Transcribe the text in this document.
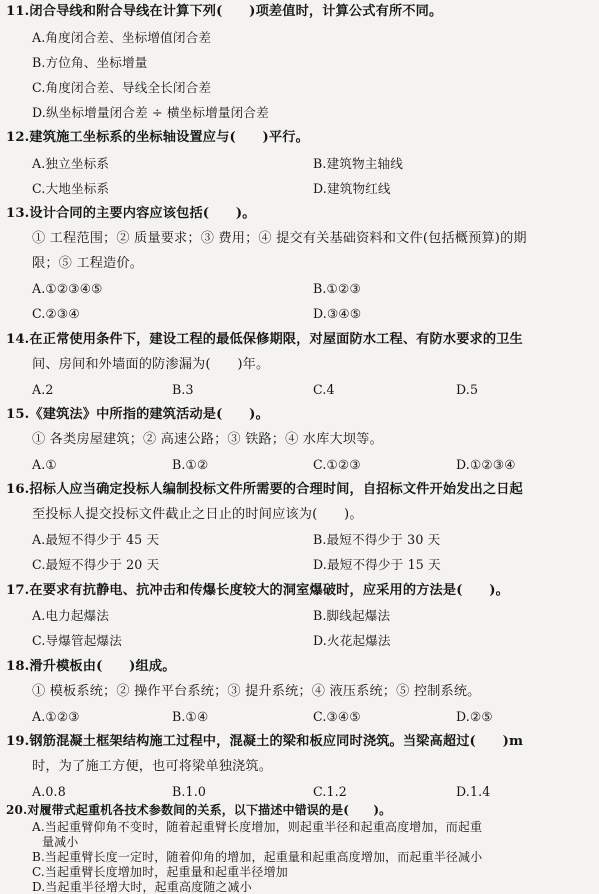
11.闭合导线和附合导线在计算下列(　　)项差值时，计算公式有所不同。
A.角度闭合差、坐标增值闭合差
B.方位角、坐标增量
C.角度闭合差、导线全长闭合差
D.纵坐标增量闭合差 ÷ 横坐标增量闭合差
12.建筑施工坐标系的坐标轴设置应与(　　)平行。
A.独立坐标系	B.建筑物主轴线
C.大地坐标系	D.建筑物红线
13.设计合同的主要内容应该包括(　　)。
① 工程范围；② 质量要求；③ 费用；④ 提交有关基础资料和文件(包括概预算)的期
限；⑤ 工程造价。
A.①②③④⑤	B.①②③
C.②③④	D.③④⑤
14.在正常使用条件下，建设工程的最低保修期限，对屋面防水工程、有防水要求的卫生
间、房间和外墙面的防渗漏为(　　)年。
A.2	B.3	C.4	D.5
15.《建筑法》中所指的建筑活动是(　　)。
① 各类房屋建筑；② 高速公路；③ 铁路；④ 水库大坝等。
A.①	B.①②	C.①②③	D.①②③④
16.招标人应当确定投标人编制投标文件所需要的合理时间，自招标文件开始发出之日起
至投标人提交投标文件截止之日止的时间应该为(　　)。
A.最短不得少于 45 天	B.最短不得少于 30 天
C.最短不得少于 20 天	D.最短不得少于 15 天
17.在要求有抗静电、抗冲击和传爆长度较大的洞室爆破时，应采用的方法是(　　)。
A.电力起爆法	B.脚线起爆法
C.导爆管起爆法	D.火花起爆法
18.滑升模板由(　　)组成。
① 模板系统；② 操作平台系统；③ 提升系统；④ 液压系统；⑤ 控制系统。
A.①②③	B.①④	C.③④⑤	D.②⑤
19.钢筋混凝土框架结构施工过程中，混凝土的梁和板应同时浇筑。当梁高超过(　　)m
时，为了施工方便，也可将梁单独浇筑。
A.0.8	B.1.0	C.1.2	D.1.4
20.对履带式起重机各技术参数间的关系，以下描述中错误的是(　　)。
A.当起重臂仰角不变时，随着起重臂长度增加，则起重半径和起重高度增加，而起重
量减小
B.当起重臂长度一定时，随着仰角的增加，起重量和起重高度增加，而起重半径减小
C.当起重臂长度增加时，起重量和起重半径增加
D.当起重半径增大时，起重高度随之减小
